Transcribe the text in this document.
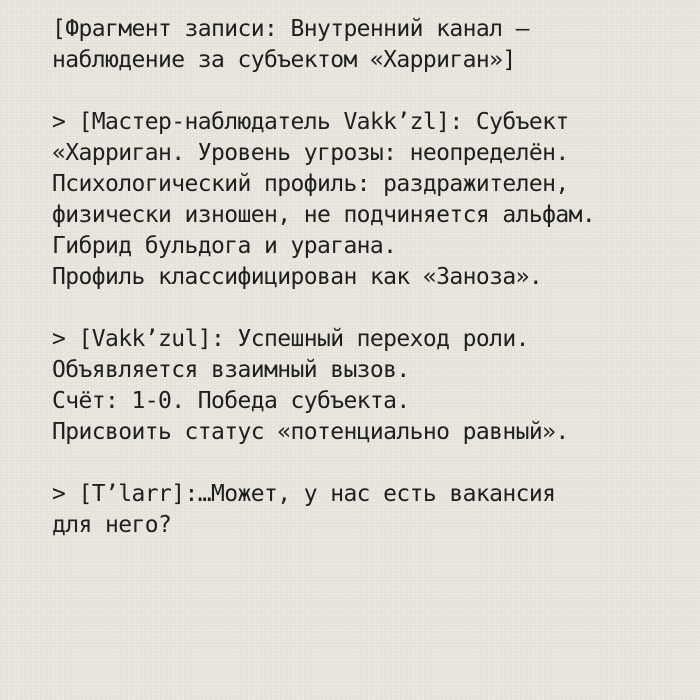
[Фрагмент записи: Внутренний канал —
наблюдение за субъектом «Харриган»]

> [Мастер-наблюдатель Vakk’zl]: Субъект
«Харриган. Уровень угрозы: неопределён.
Психологический профиль: раздражителен,
физически изношен, не подчиняется альфам.
Гибрид бульдога и урагана.
Профиль классифицирован как «Заноза».

> [Vakk’zul]: Успешный переход роли.
Объявляется взаимный вызов.
Счёт: 1-0. Победа субъекта.
Присвоить статус «потенциально равный».

> [T’larr]:…Может, у нас есть вакансия
для него?
